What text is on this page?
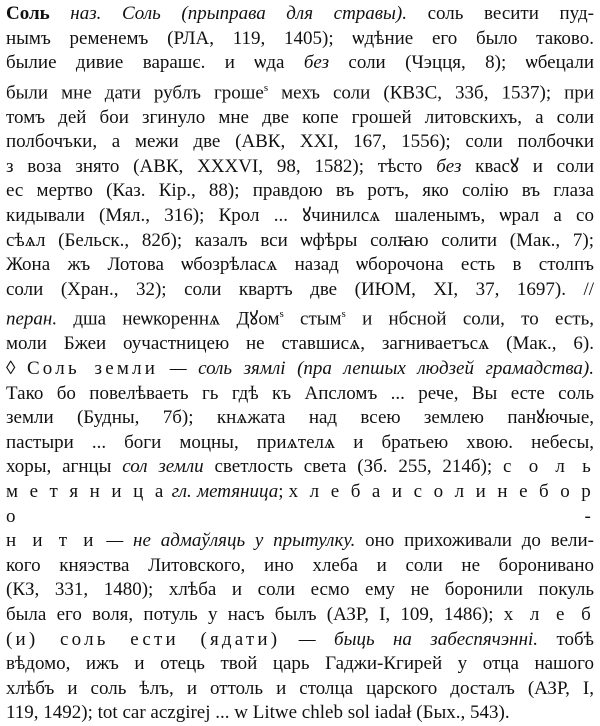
Соль наз. Соль (прыправа для стравы). соль весити пуд-
нымъ ременемъ (РЛА, 119, 1405); ѡдѣние его было таково.
былие дивие варашє. и ѡда без соли (Чэцця, 8); ѡбецали
были мне дати рублъ гроше$^s$ мехъ соли (КВЗС, 33б, 1537); при
томъ дей бои згинуло мне две копе грошей литовскихъ, а соли
полбочъки, а межи две (АВК, XXI, 167, 1556); соли полбочки
з воза знято (АВК, XXXVI, 98, 1582); тѣсто без квасꙋ и соли
ес мертво (Каз. Кір., 88); правдою въ ротъ, яко солію въ глаза
кидывали (Мял., 316); Крол ... ꙋчинилсѧ шаленымъ, ѡрал а со
сѣѧл (Бельск., 82б); казалъ вси ѡфѣры солꙗю солити (Мак., 7);
Жона жъ Лотова ѡбозрѣласѧ назад ѡборочона есть в столпъ
соли (Хран., 32); соли квартъ две (ИЮМ, XI, 37, 1697). //
перан. дша неѡкореннѧ Дꙋом$^s$ стым$^s$ и нбсной соли, то есть,
моли Бжеи оучастницею не ставшисѧ, загниваетъсѧ (Мак., 6).
◊ Соль земли — соль зямлі (пра лепшых людзей грамадства).
Тако бо повелѣваеть гь гдѣ къ Апсломъ ... рече, Вы есте соль
земли (Будны, 7б); кнѧжата над всею землею панꙋючые,
пастыри ... боги моцны, приѧтелѧ и братьею хвою. небесы,
хоры, агнцы сол земли светлость света (Зб. 255, 214б); с о л ь
м е т я н и ц а гл. метяница; х л е б а и с о л и н е б о р о -
н и т и — не адмаўляць у прытулку. оно прихоживали до вели-
кого княэства Литовского, ино хлеба и соли не боронивано
(КЗ, 331, 1480); хлѣба и соли есмо ему не боронили покуль
была его воля, потуль у насъ былъ (АЗР, I, 109, 1486); х л е б
(и) соль ести (ядати) — быць на забеспячэнні. тобѣ
вѣдомо, ижъ и отець твой царь Гаджи-Кгирей у отца нашого
хлѣбъ и соль ѣлъ, и оттоль и столца царского досталъ (АЗР, I,
119, 1492); tot car aczgirej ... w Litwe chleb sol iadał (Бых., 543).
